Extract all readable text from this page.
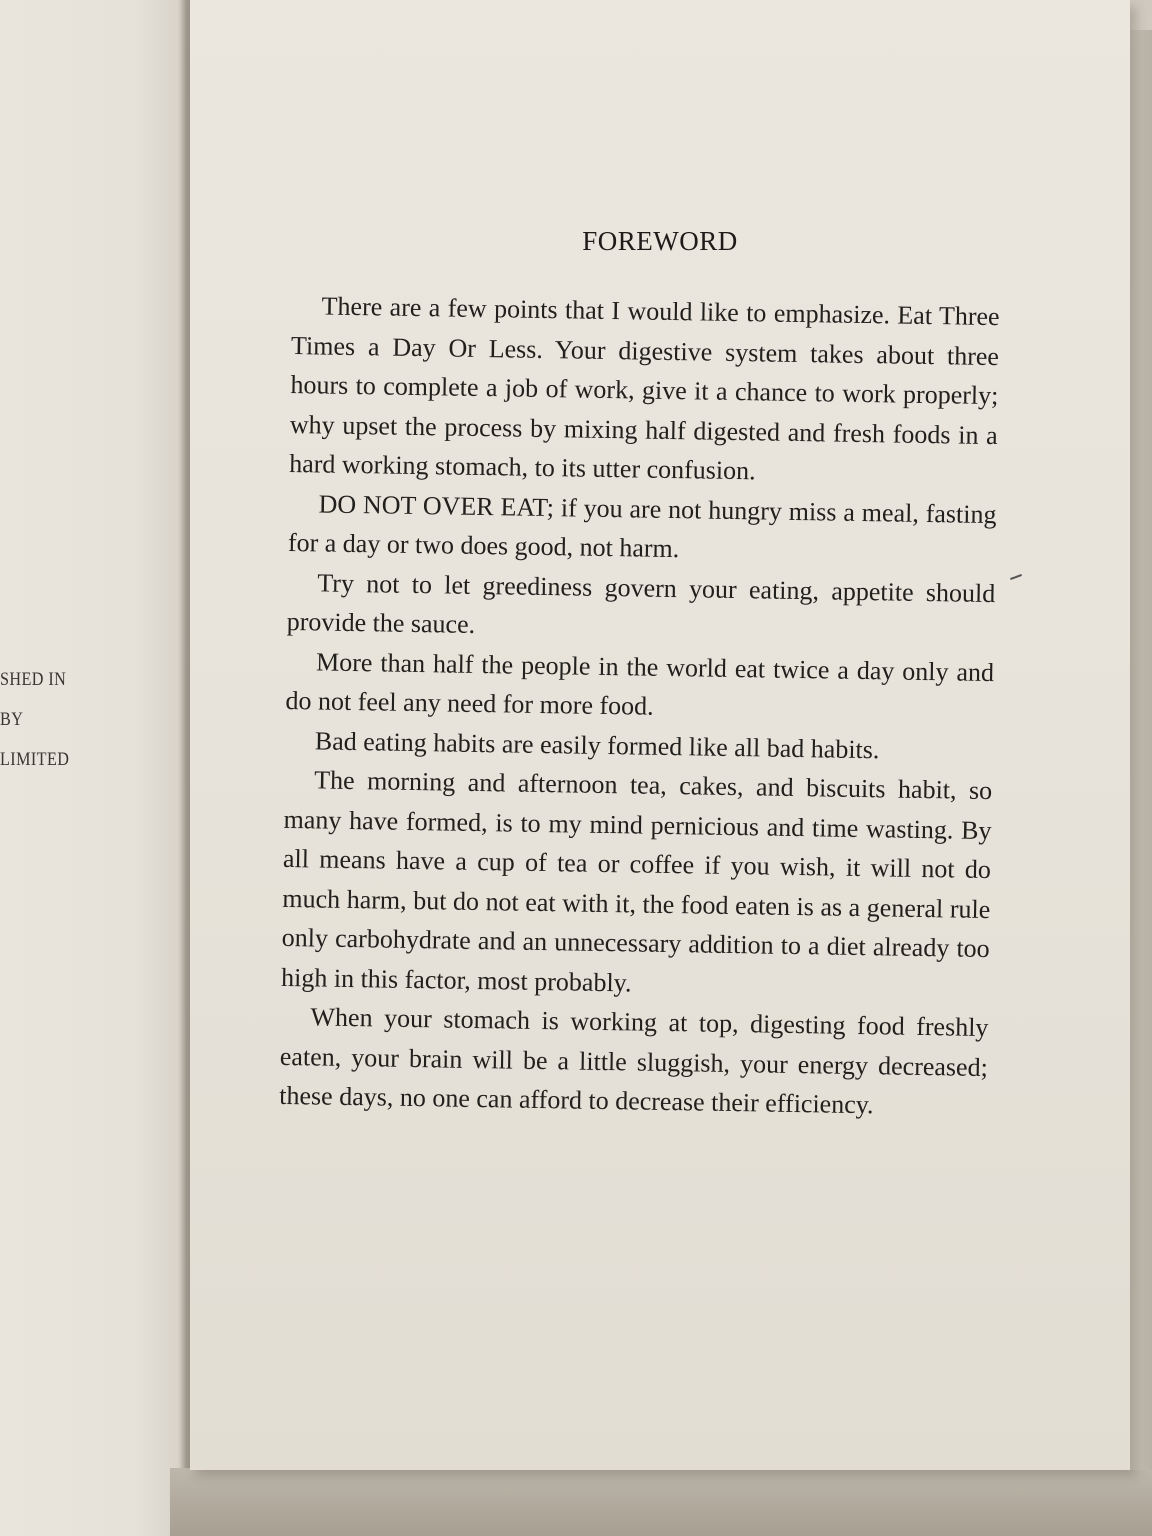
SHED IN
BY
LIMITED
FOREWORD

There are a few points that I would like to emphasize. Eat Three Times a Day Or Less. Your digestive system takes about three hours to complete a job of work, give it a chance to work properly; why upset the process by mixing half digested and fresh foods in a hard working stomach, to its utter confusion.

DO NOT OVER EAT; if you are not hungry miss a meal, fasting for a day or two does good, not harm.

Try not to let greediness govern your eating, appetite should provide the sauce.

More than half the people in the world eat twice a day only and do not feel any need for more food.

Bad eating habits are easily formed like all bad habits.

The morning and afternoon tea, cakes, and biscuits habit, so many have formed, is to my mind pernicious and time wasting. By all means have a cup of tea or coffee if you wish, it will not do much harm, but do not eat with it, the food eaten is as a general rule only carbohydrate and an unnecessary addition to a diet already too high in this factor, most probably.

When your stomach is working at top, digesting food freshly eaten, your brain will be a little sluggish, your energy decreased; these days, no one can afford to decrease their efficiency.
